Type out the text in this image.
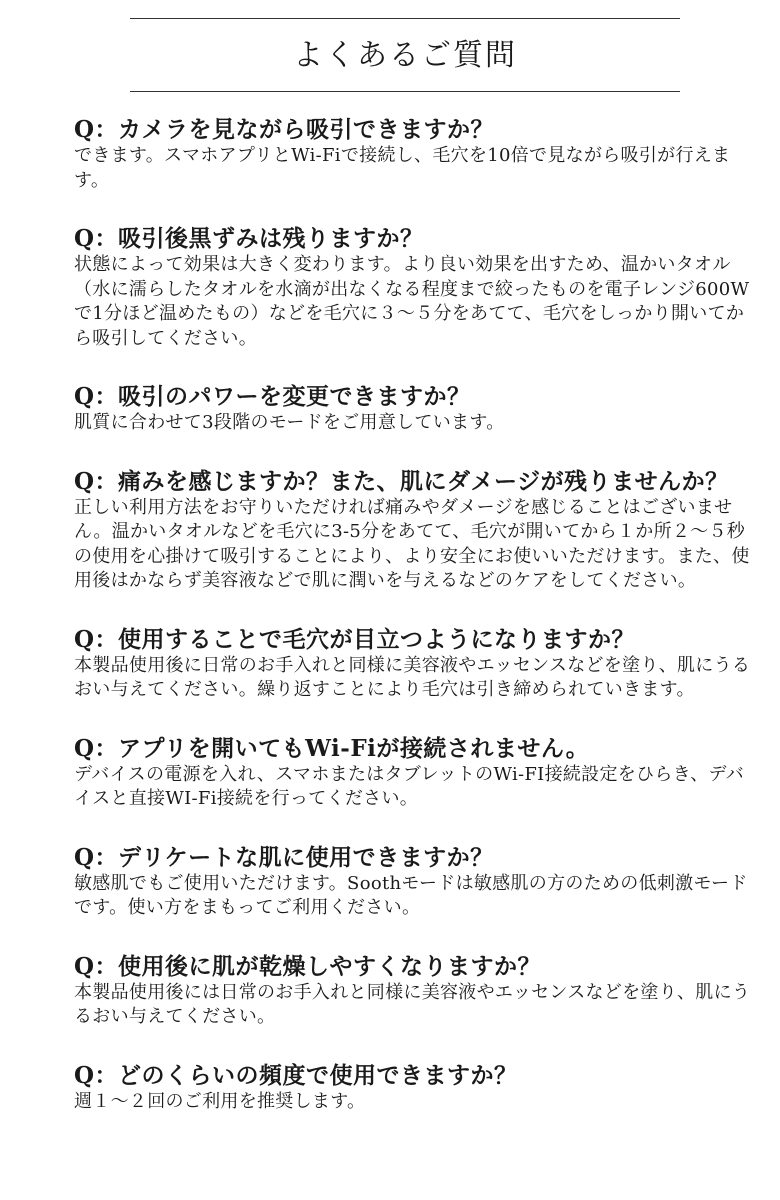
よくあるご質問

Q：カメラを見ながら吸引できますか？

できます。スマホアプリとWi-Fiで接続し、毛穴を10倍で見ながら吸引が行えます。

Q：吸引後黒ずみは残りますか？

状態によって効果は大きく変わります。より良い効果を出すため、温かいタオル（水に濡らしたタオルを水滴が出なくなる程度まで絞ったものを電子レンジ600Wで1分ほど温めたもの）などを毛穴に３～５分をあてて、毛穴をしっかり開いてから吸引してください。

Q：吸引のパワーを変更できますか？

肌質に合わせて3段階のモードをご用意しています。

Q：痛みを感じますか？また、肌にダメージが残りませんか？

正しい利用方法をお守りいただければ痛みやダメージを感じることはございません。温かいタオルなどを毛穴に3-5分をあてて、毛穴が開いてから１か所２～５秒の使用を心掛けて吸引することにより、より安全にお使いいただけます。また、使用後はかならず美容液などで肌に潤いを与えるなどのケアをしてください。

Q：使用することで毛穴が目立つようになりますか？

本製品使用後に日常のお手入れと同様に美容液やエッセンスなどを塗り、肌にうるおい与えてください。繰り返すことにより毛穴は引き締められていきます。

Q：アプリを開いてもWi-Fiが接続されません。

デバイスの電源を入れ、スマホまたはタブレットのWi-FI接続設定をひらき、デバイスと直接WI-Fi接続を行ってください。

Q：デリケートな肌に使用できますか？

敏感肌でもご使用いただけます。Soothモードは敏感肌の方のための低刺激モードです。使い方をまもってご利用ください。

Q：使用後に肌が乾燥しやすくなりますか？

本製品使用後には日常のお手入れと同様に美容液やエッセンスなどを塗り、肌にうるおい与えてください。

Q：どのくらいの頻度で使用できますか？

週１～２回のご利用を推奨します。
